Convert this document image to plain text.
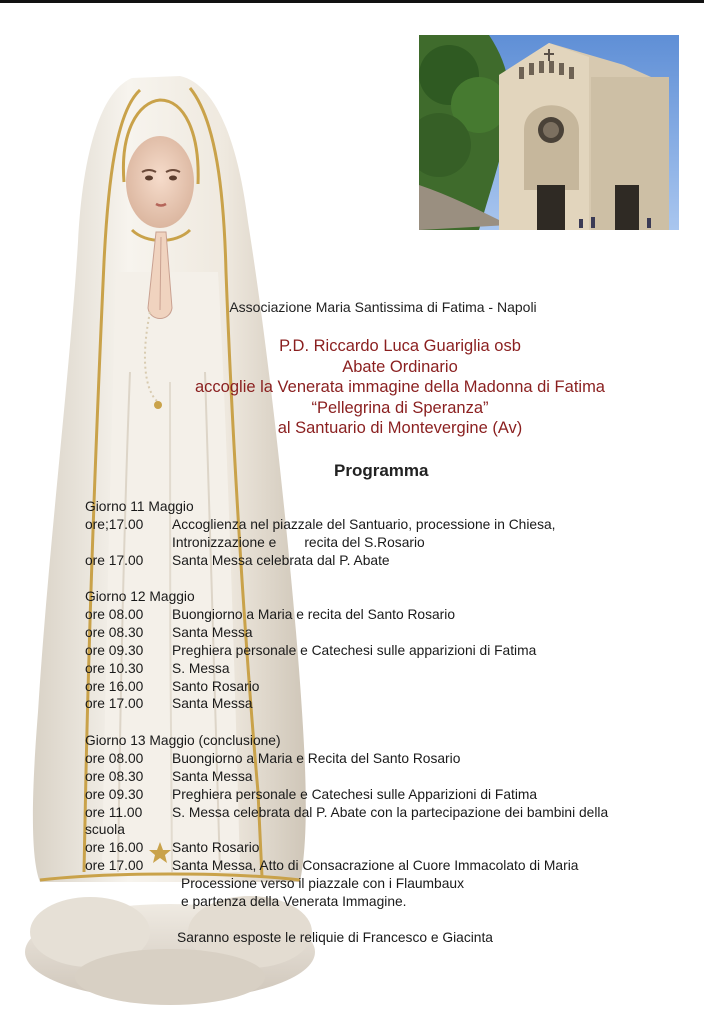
Associazione Maria Santissima di Fatima - Napoli
P.D. Riccardo Luca Guariglia osb
Abate Ordinario
accoglie la Venerata immagine della Madonna di Fatima
“Pellegrina di Speranza”
al Santuario di Montevergine (Av)
Programma
Giorno 11 Maggio
ore;17.00	Accoglienza nel piazzale del Santuario, processione in Chiesa,
Intronizzazione e recita del S.Rosario
ore 17.00	Santa Messa celebrata dal P. Abate
Giorno 12 Maggio
ore 08.00	Buongiorno a Maria e recita del Santo Rosario
ore 08.30	Santa Messa
ore 09.30	Preghiera personale e Catechesi sulle apparizioni di Fatima
ore 10.30	S. Messa
ore 16.00	Santo Rosario
ore 17.00	Santa Messa
Giorno 13 Maggio (conclusione)
ore 08.00	Buongiorno a Maria e Recita del Santo Rosario
ore 08.30	Santa Messa
ore 09.30	Preghiera personale e Catechesi sulle Apparizioni di Fatima
ore 11.00	S. Messa celebrata dal P. Abate con la partecipazione dei bambini della
scuola
ore 16.00	Santo Rosario
ore 17.00	Santa Messa, Atto di Consacrazione al Cuore Immacolato di Maria
Processione verso il piazzale con i Flaumbaux
e partenza della Venerata Immagine.
Saranno esposte le reliquie di Francesco e Giacinta
